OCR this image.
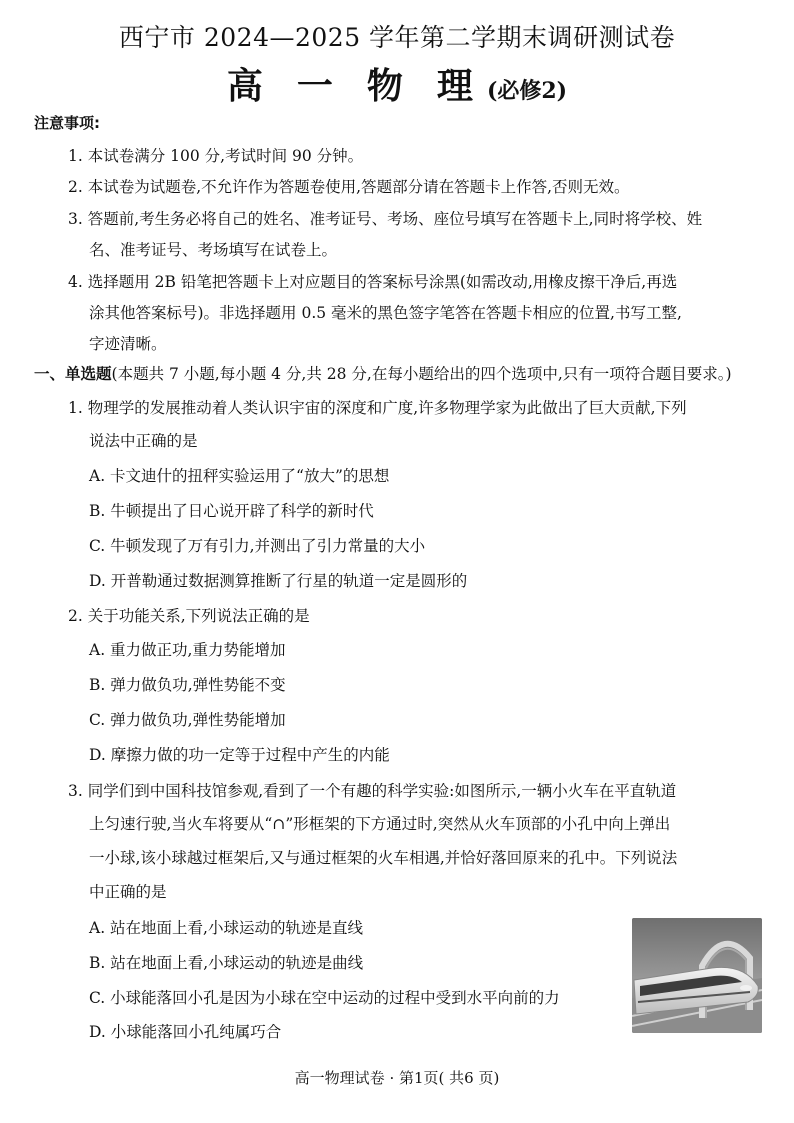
西宁市 2024—2025 学年第二学期末调研测试卷
高一物理(必修2)
注意事项:
1. 本试卷满分 100 分,考试时间 90 分钟。
2. 本试卷为试题卷,不允许作为答题卷使用,答题部分请在答题卡上作答,否则无效。
3. 答题前,考生务必将自己的姓名、准考证号、考场、座位号填写在答题卡上,同时将学校、姓
名、准考证号、考场填写在试卷上。
4. 选择题用 2B 铅笔把答题卡上对应题目的答案标号涂黑(如需改动,用橡皮擦干净后,再选
涂其他答案标号)。非选择题用 0.5 毫米的黑色签字笔答在答题卡相应的位置,书写工整,
字迹清晰。
一、单选题(本题共 7 小题,每小题 4 分,共 28 分,在每小题给出的四个选项中,只有一项符合题目要求。)
1. 物理学的发展推动着人类认识宇宙的深度和广度,许多物理学家为此做出了巨大贡献,下列
说法中正确的是
A. 卡文迪什的扭秤实验运用了“放大”的思想
B. 牛顿提出了日心说开辟了科学的新时代
C. 牛顿发现了万有引力,并测出了引力常量的大小
D. 开普勒通过数据测算推断了行星的轨道一定是圆形的
2. 关于功能关系,下列说法正确的是
A. 重力做正功,重力势能增加
B. 弹力做负功,弹性势能不变
C. 弹力做负功,弹性势能增加
D. 摩擦力做的功一定等于过程中产生的内能
3. 同学们到中国科技馆参观,看到了一个有趣的科学实验:如图所示,一辆小火车在平直轨道
上匀速行驶,当火车将要从“∩”形框架的下方通过时,突然从火车顶部的小孔中向上弹出
一小球,该小球越过框架后,又与通过框架的火车相遇,并恰好落回原来的孔中。下列说法
中正确的是
A. 站在地面上看,小球运动的轨迹是直线
B. 站在地面上看,小球运动的轨迹是曲线
C. 小球能落回小孔是因为小球在空中运动的过程中受到水平向前的力
D. 小球能落回小孔纯属巧合
高一物理试卷 · 第1页( 共6 页)
